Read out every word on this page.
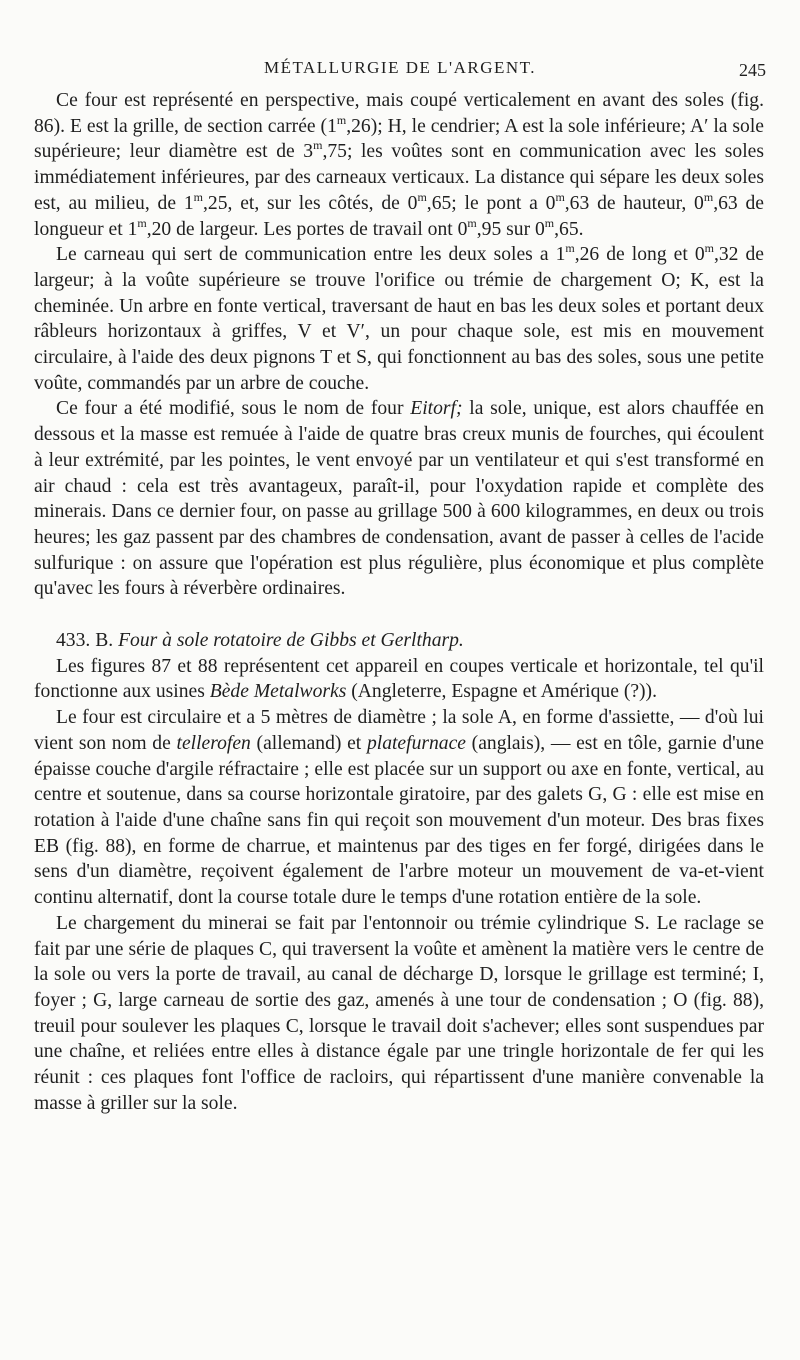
MÉTALLURGIE DE L'ARGENT.	245

Ce four est représenté en perspective, mais coupé verticalement en avant des soles (fig. 86). E est la grille, de section carrée (1$^m$,26); H, le cendrier; A est la sole inférieure; A′ la sole supérieure; leur diamètre est de 3$^m$,75; les voûtes sont en communication avec les soles immédiatement inférieures, par des carneaux verticaux. La distance qui sépare les deux soles est, au milieu, de 1$^m$,25, et, sur les côtés, de 0$^m$,65; le pont a 0$^m$,63 de hauteur, 0$^m$,63 de longueur et 1$^m$,20 de largeur. Les portes de travail ont 0$^m$,95 sur 0$^m$,65.

Le carneau qui sert de communication entre les deux soles a 1$^m$,26 de long et 0$^m$,32 de largeur; à la voûte supérieure se trouve l'orifice ou trémie de chargement O; K, est la cheminée. Un arbre en fonte vertical, traversant de haut en bas les deux soles et portant deux râbleurs horizontaux à griffes, V et V′, un pour chaque sole, est mis en mouvement circulaire, à l'aide des deux pignons T et S, qui fonctionnent au bas des soles, sous une petite voûte, commandés par un arbre de couche.

Ce four a été modifié, sous le nom de four Eitorf; la sole, unique, est alors chauffée en dessous et la masse est remuée à l'aide de quatre bras creux munis de fourches, qui écoulent à leur extrémité, par les pointes, le vent envoyé par un ventilateur et qui s'est transformé en air chaud : cela est très avantageux, paraît-il, pour l'oxydation rapide et complète des minerais. Dans ce dernier four, on passe au grillage 500 à 600 kilogrammes, en deux ou trois heures; les gaz passent par des chambres de condensation, avant de passer à celles de l'acide sulfurique : on assure que l'opération est plus régulière, plus économique et plus complète qu'avec les fours à réverbère ordinaires.

433. B. Four à sole rotatoire de Gibbs et Gerltharp.

Les figures 87 et 88 représentent cet appareil en coupes verticale et horizontale, tel qu'il fonctionne aux usines Bède Metalworks (Angleterre, Espagne et Amérique (?)).

Le four est circulaire et a 5 mètres de diamètre ; la sole A, en forme d'assiette, — d'où lui vient son nom de tellerofen (allemand) et platefurnace (anglais), — est en tôle, garnie d'une épaisse couche d'argile réfractaire ; elle est placée sur un support ou axe en fonte, vertical, au centre et soutenue, dans sa course horizontale giratoire, par des galets G, G : elle est mise en rotation à l'aide d'une chaîne sans fin qui reçoit son mouvement d'un moteur. Des bras fixes EB (fig. 88), en forme de charrue, et maintenus par des tiges en fer forgé, dirigées dans le sens d'un diamètre, reçoivent également de l'arbre moteur un mouvement de va-et-vient continu alternatif, dont la course totale dure le temps d'une rotation entière de la sole.

Le chargement du minerai se fait par l'entonnoir ou trémie cylindrique S. Le raclage se fait par une série de plaques C, qui traversent la voûte et amènent la matière vers le centre de la sole ou vers la porte de travail, au canal de décharge D, lorsque le grillage est terminé; I, foyer ; G, large carneau de sortie des gaz, amenés à une tour de condensation ; O (fig. 88), treuil pour soulever les plaques C, lorsque le travail doit s'achever; elles sont suspendues par une chaîne, et reliées entre elles à distance égale par une tringle horizontale de fer qui les réunit : ces plaques font l'office de racloirs, qui répartissent d'une manière convenable la masse à griller sur la sole.
